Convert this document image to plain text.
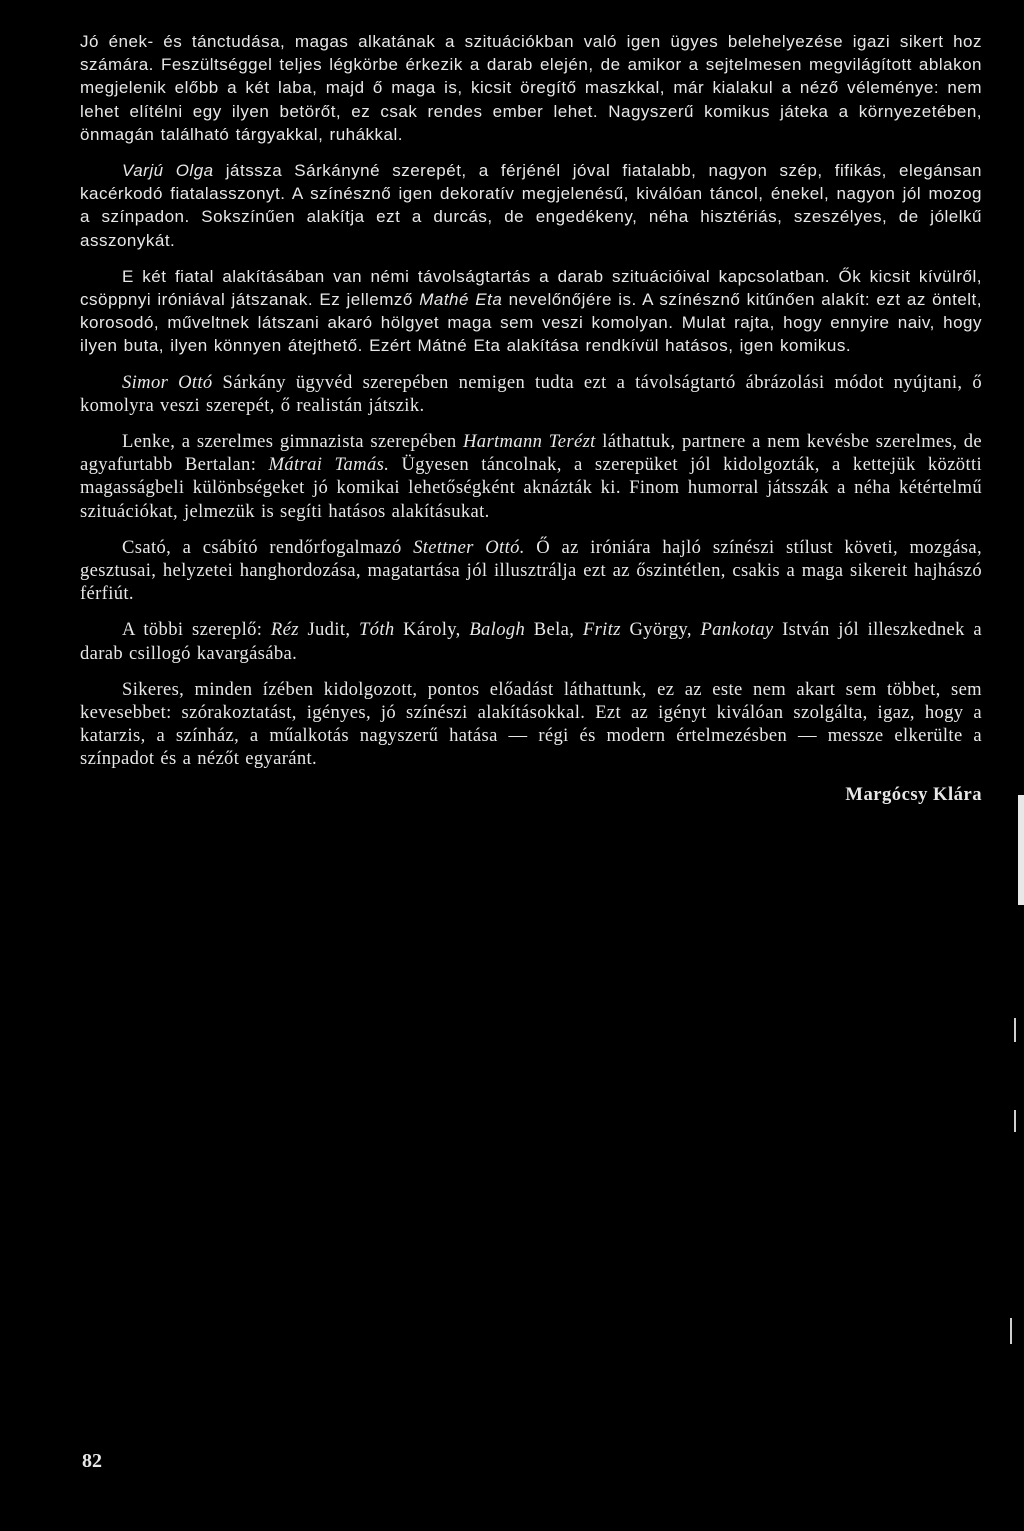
Jó ének- és tánctudása, magas alkatának a szituációkban való igen ügyes belehelyezése igazi sikert hoz számára. Feszültséggel teljes légkörbe érkezik a darab elején, de amikor a sejtelmesen megvilágított ablakon megjelenik előbb a két laba, majd ő maga is, kicsit öregítő maszkkal, már kialakul a néző véleménye: nem lehet elítélni egy ilyen betörőt, ez csak rendes ember lehet. Nagyszerű komikus játeka a környezetében, önmagán található tárgyakkal, ruhákkal.

Varjú Olga játssza Sárkányné szerepét, a férjénél jóval fiatalabb, nagyon szép, fifikás, elegánsan kacérkodó fiatalasszonyt. A színésznő igen dekoratív megjelenésű, kiválóan táncol, énekel, nagyon jól mozog a színpadon. Sokszínűen alakítja ezt a durcás, de engedékeny, néha hisztériás, szeszélyes, de jólelkű asszonykát.

E két fiatal alakításában van némi távolságtartás a darab szituációival kapcsolatban. Ők kicsit kívülről, csöppnyi iróniával játszanak. Ez jellemző Mathé Eta nevelőnőjére is. A színésznő kitűnően alakít: ezt az öntelt, korosodó, műveltnek látszani akaró hölgyet maga sem veszi komolyan. Mulat rajta, hogy ennyire naiv, hogy ilyen buta, ilyen könnyen átejthető. Ezért Mátné Eta alakítása rendkívül hatásos, igen komikus.

Simor Ottó Sárkány ügyvéd szerepében nemigen tudta ezt a távolságtartó ábrázolási módot nyújtani, ő komolyra veszi szerepét, ő realistán játszik.

Lenke, a szerelmes gimnazista szerepében Hartmann Terézt láthattuk, partnere a nem kevésbe szerelmes, de agyafurtabb Bertalan: Mátrai Tamás. Ügyesen táncolnak, a szerepüket jól kidolgozták, a kettejük közötti magasságbeli különbségeket jó komikai lehetőségként aknázták ki. Finom humorral játsszák a néha kétértelmű szituációkat, jelmezük is segíti hatásos alakításukat.

Csató, a csábító rendőrfogalmazó Stettner Ottó. Ő az iróniára hajló színészi stílust követi, mozgása, gesztusai, helyzetei hanghordozása, magatartása jól illusztrálja ezt az őszintétlen, csakis a maga sikereit hajhászó férfiút.

A többi szereplő: Réz Judit, Tóth Károly, Balogh Bela, Fritz György, Pankotay István jól illeszkednek a darab csillogó kavargásába.

Sikeres, minden ízében kidolgozott, pontos előadást láthattunk, ez az este nem akart sem többet, sem kevesebbet: szórakoztatást, igényes, jó színészi alakításokkal. Ezt az igényt kiválóan szolgálta, igaz, hogy a katarzis, a színház, a műalkotás nagyszerű hatása — régi és modern értelmezésben — messze elkerülte a színpadot és a nézőt egyaránt.

Margócsy Klára

82
